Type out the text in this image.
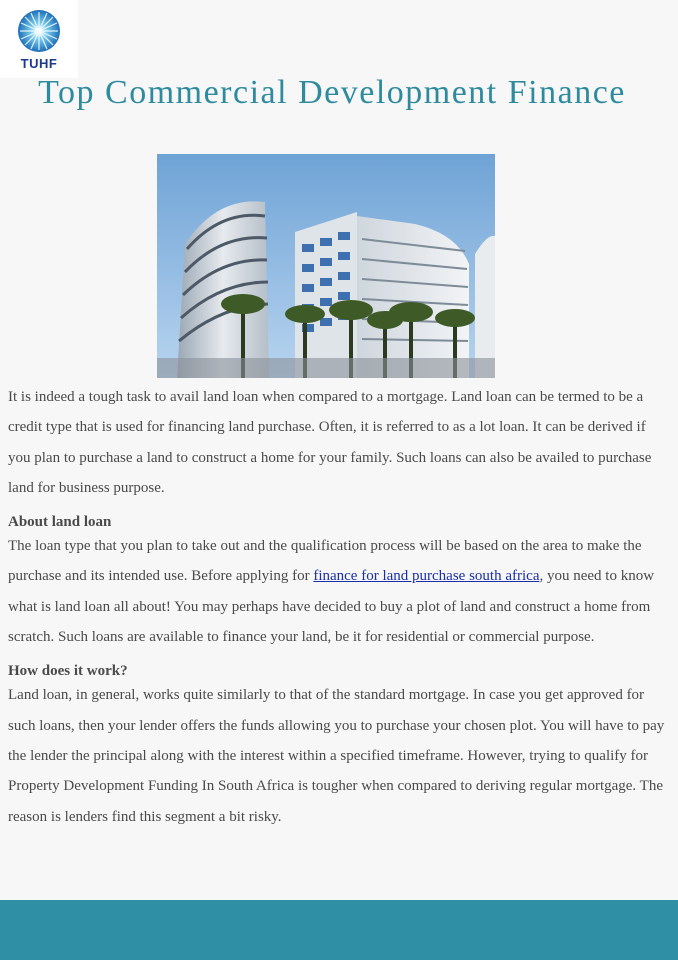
TUHF
Top Commercial Development Finance

It is indeed a tough task to avail land loan when compared to a mortgage. Land loan can be termed to be a credit type that is used for financing land purchase. Often, it is referred to as a lot loan. It can be derived if you plan to purchase a land to construct a home for your family. Such loans can also be availed to purchase land for business purpose.

About land loan

The loan type that you plan to take out and the qualification process will be based on the area to make the purchase and its intended use. Before applying for finance for land purchase south africa, you need to know what is land loan all about! You may perhaps have decided to buy a plot of land and construct a home from scratch. Such loans are available to finance your land, be it for residential or commercial purpose.

How does it work?

Land loan, in general, works quite similarly to that of the standard mortgage. In case you get approved for such loans, then your lender offers the funds allowing you to purchase your chosen plot. You will have to pay the lender the principal along with the interest within a specified timeframe. However, trying to qualify for Property Development Funding In South Africa is tougher when compared to deriving regular mortgage. The reason is lenders find this segment a bit risky.
